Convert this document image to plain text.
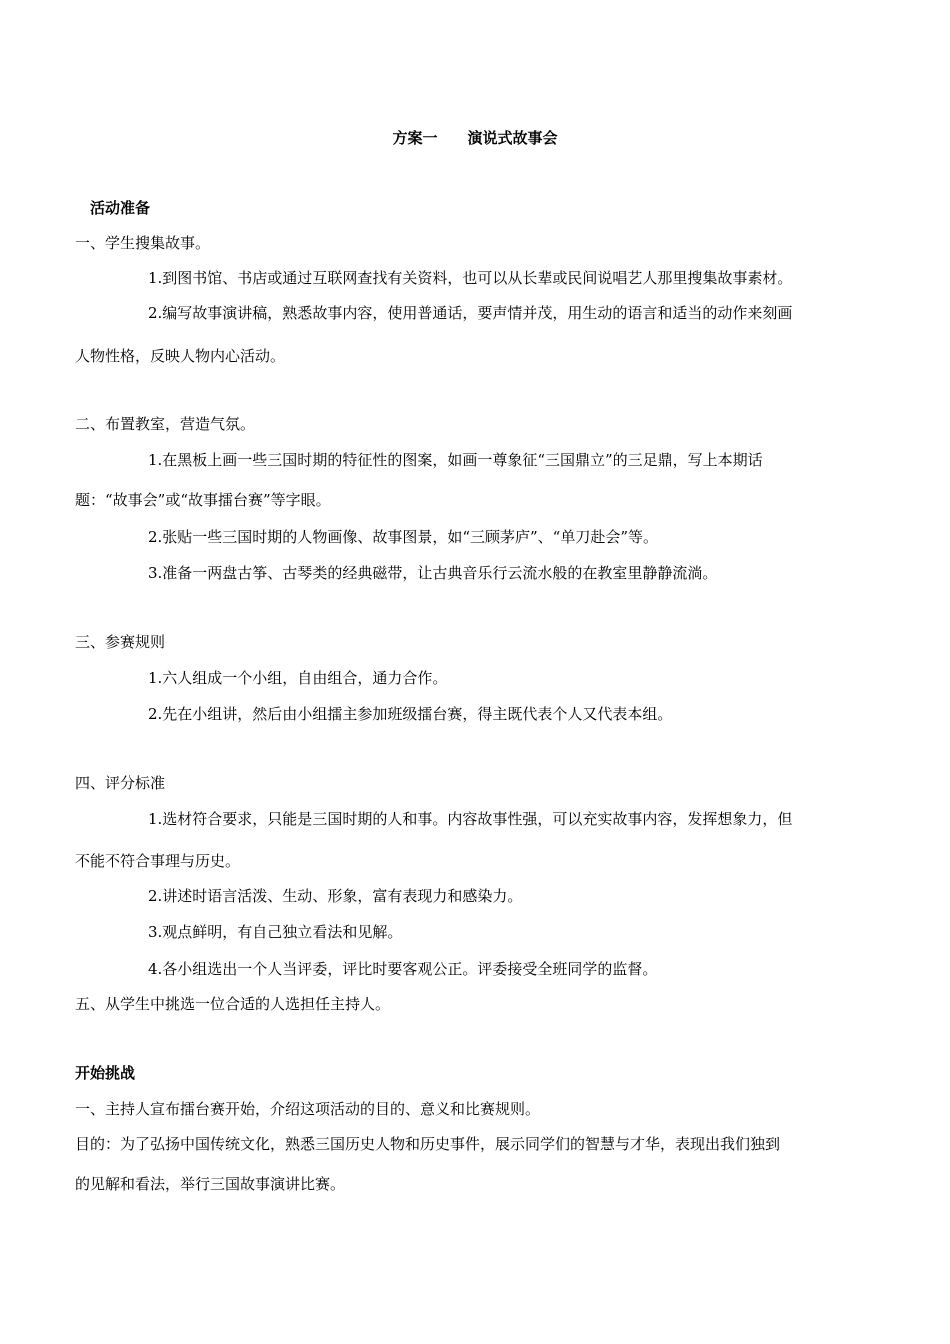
方案一 演说式故事会
活动准备
一、学生搜集故事。
1.到图书馆、书店或通过互联网查找有关资料，也可以从长辈或民间说唱艺人那里搜集故事素材。
2.编写故事演讲稿，熟悉故事内容，使用普通话，要声情并茂，用生动的语言和适当的动作来刻画
人物性格，反映人物内心活动。
二、布置教室，营造气氛。
1.在黑板上画一些三国时期的特征性的图案，如画一尊象征“三国鼎立”的三足鼎，写上本期话
题：“故事会”或“故事擂台赛”等字眼。
2.张贴一些三国时期的人物画像、故事图景，如“三顾茅庐”、“单刀赴会”等。
3.准备一两盘古筝、古琴类的经典磁带，让古典音乐行云流水般的在教室里静静流淌。
三、参赛规则
1.六人组成一个小组，自由组合，通力合作。
2.先在小组讲，然后由小组擂主参加班级擂台赛，得主既代表个人又代表本组。
四、评分标准
1.选材符合要求，只能是三国时期的人和事。内容故事性强，可以充实故事内容，发挥想象力，但
不能不符合事理与历史。
2.讲述时语言活泼、生动、形象，富有表现力和感染力。
3.观点鲜明，有自己独立看法和见解。
4.各小组选出一个人当评委，评比时要客观公正。评委接受全班同学的监督。
五、从学生中挑选一位合适的人选担任主持人。
开始挑战
一、主持人宣布擂台赛开始，介绍这项活动的目的、意义和比赛规则。
目的：为了弘扬中国传统文化，熟悉三国历史人物和历史事件，展示同学们的智慧与才华，表现出我们独到
的见解和看法，举行三国故事演讲比赛。
